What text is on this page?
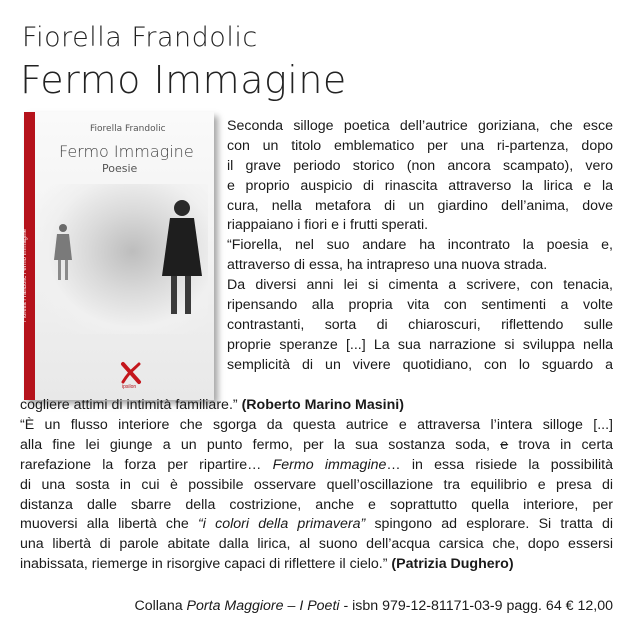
Fiorella Frandolic
Fermo Immagine
Fiorella Frandolic Fermo Immagine
Fiorella Frandolic
Fermo Immagine
Poesie
ipsilon
Seconda silloge poetica dell’autrice goriziana, che esce
con un titolo emblematico per una ri-partenza, dopo
il grave periodo storico (non ancora scampato), vero
e proprio auspicio di rinascita attraverso la lirica e la
cura, nella metafora di un giardino dell’anima, dove
riappaiano i fiori e i frutti sperati.
“Fiorella, nel suo andare ha incontrato la poesia e,
attraverso di essa, ha intrapreso una nuova strada.
Da diversi anni lei si cimenta a scrivere, con tenacia,
ripensando alla propria vita con sentimenti a volte
contrastanti, sorta di chiaroscuri, riflettendo sulle
proprie speranze [...] La sua narrazione si sviluppa nella
semplicità di un vivere quotidiano, con lo sguardo a
cogliere attimi di intimità familiare.” (Roberto Marino Masini)
“È un flusso interiore che sgorga da questa autrice e attraversa l’intera silloge [...]
alla fine lei giunge a un punto fermo, per la sua sostanza soda, e trova in certa
rarefazione la forza per ripartire… Fermo immagine… in essa risiede la possibilità
di una sosta in cui è possibile osservare quell’oscillazione tra equilibrio e presa di
distanza dalle sbarre della costrizione, anche e soprattutto quella interiore, per
muoversi alla libertà che “i colori della primavera” spingono ad esplorare. Si tratta di
una libertà di parole abitate dalla lirica, al suono dell’acqua carsica che, dopo essersi
inabissata, riemerge in risorgive capaci di riflettere il cielo.” (Patrizia Dughero)
Collana Porta Maggiore – I Poeti - isbn 979-12-81171-03-9 pagg. 64 € 12,00
